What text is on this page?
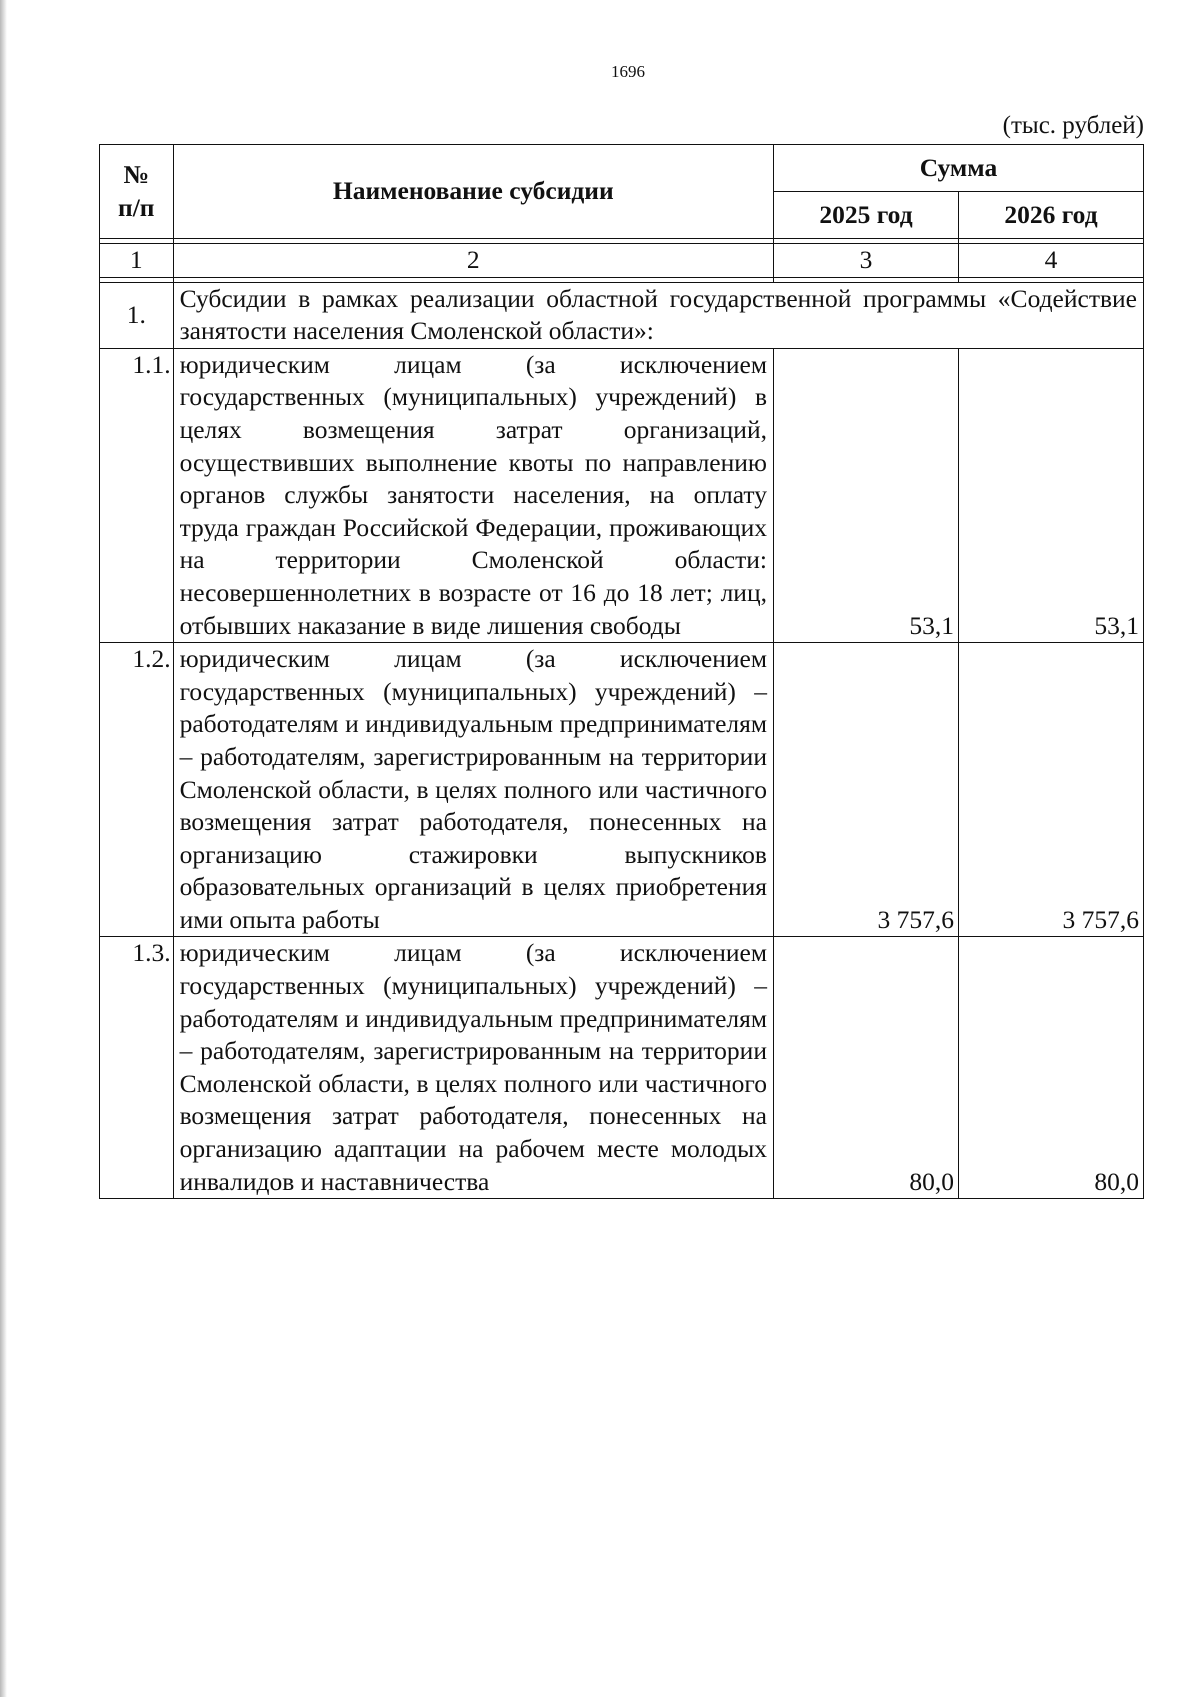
1696
(тыс. рублей)
№
п/п	Наименование субсидии	Сумма	
		2025 год	2026 год

1	2	3	4

1.	Субсидии в рамках реализации областной государственной программы «Содействие занятости населения Смоленской области»:		
1.1.	юридическим лицам (за исключением государственных (муниципальных) учреждений) в целях возмещения затрат организаций, осуществивших выполнение квоты по направлению органов службы занятости населения, на оплату труда граждан Российской Федерации, проживающих на территории Смоленской области: несовершеннолетних в возрасте от 16 до 18 лет; лиц, отбывших наказание в виде лишения свободы	53,1	53,1
1.2.	юридическим лицам (за исключением государственных (муниципальных) учреждений) – работодателям и индивидуальным предпринимателям – работодателям, зарегистрированным на территории Смоленской области, в целях полного или частичного возмещения затрат работодателя, понесенных на организацию стажировки выпускников образовательных организаций в целях приобретения ими опыта работы	3 757,6	3 757,6
1.3.	юридическим лицам (за исключением государственных (муниципальных) учреждений) – работодателям и индивидуальным предпринимателям – работодателям, зарегистрированным на территории Смоленской области, в целях полного или частичного возмещения затрат работодателя, понесенных на организацию адаптации на рабочем месте молодых инвалидов и наставничества	80,0	80,0
